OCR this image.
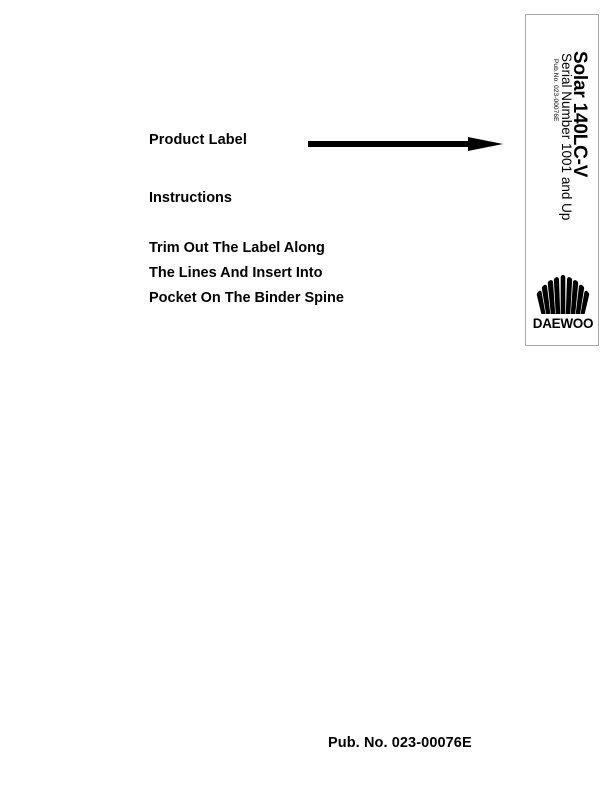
Product Label
Instructions
Trim Out The Label Along
The Lines And Insert Into
Pocket On The Binder Spine
Solar 140LC-V
Serial Number 1001 and Up
Pub.No. 023-00076E
DAEWOO
Pub. No. 023-00076E
